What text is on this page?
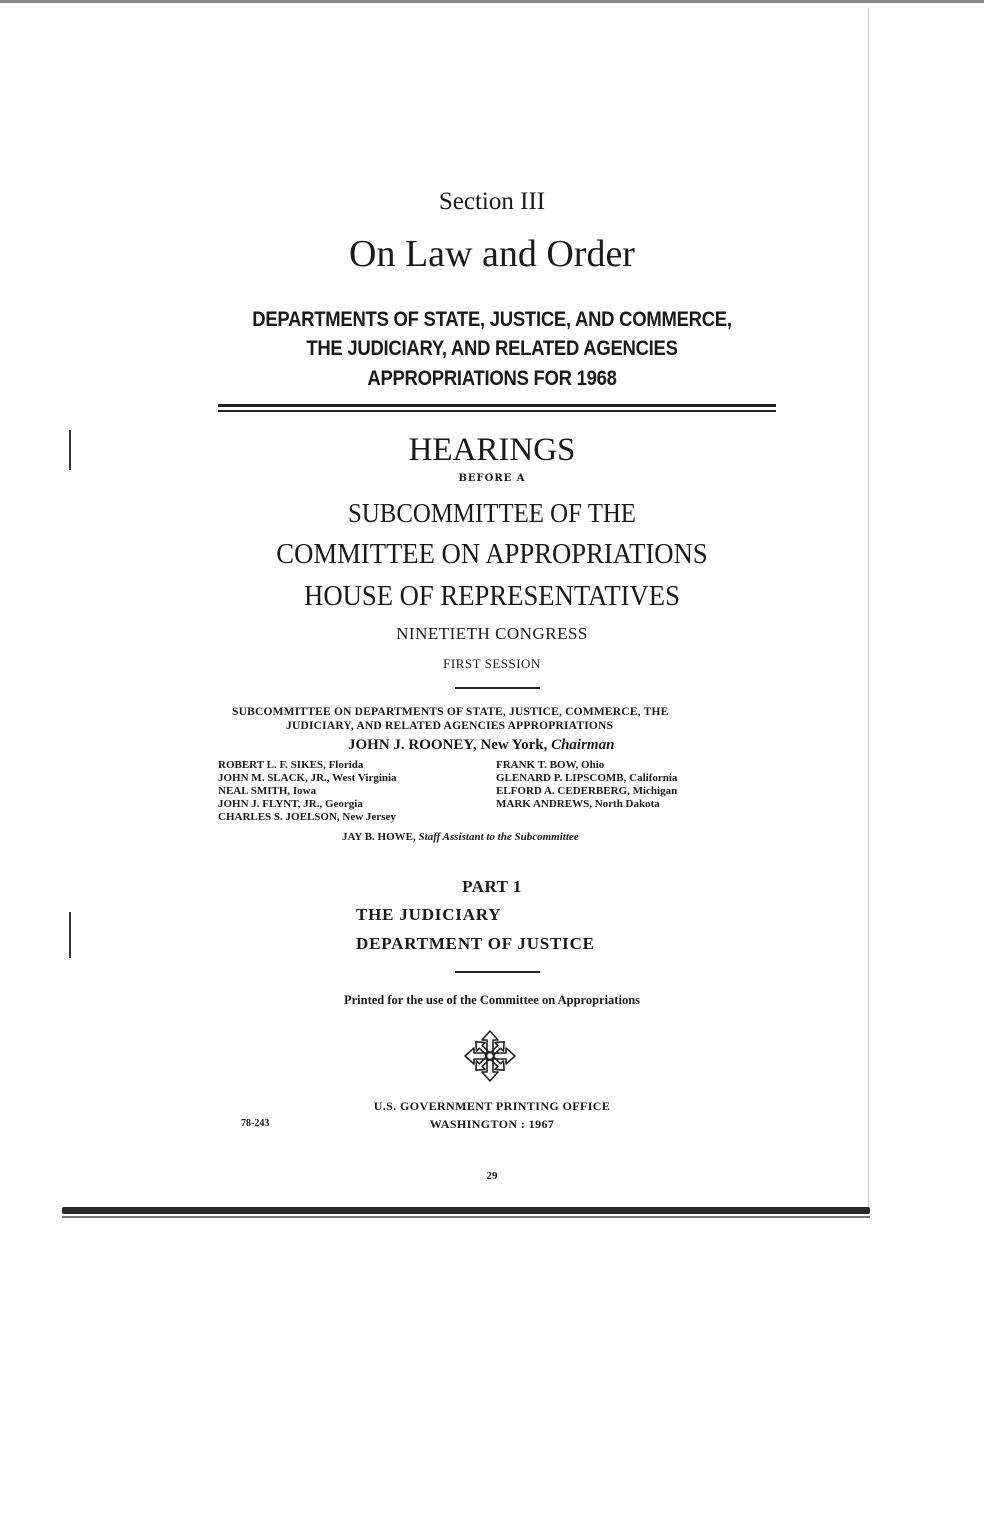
Section III
On Law and Order
DEPARTMENTS OF STATE, JUSTICE, AND COMMERCE,
THE JUDICIARY, AND RELATED AGENCIES
APPROPRIATIONS FOR 1968
HEARINGS
BEFORE A
SUBCOMMITTEE OF THE
COMMITTEE ON APPROPRIATIONS
HOUSE OF REPRESENTATIVES
NINETIETH CONGRESS
FIRST SESSION
SUBCOMMITTEE ON DEPARTMENTS OF STATE, JUSTICE, COMMERCE, THE
JUDICIARY, AND RELATED AGENCIES APPROPRIATIONS
JOHN J. ROONEY, New York, Chairman
ROBERT L. F. SIKES, Florida
JOHN M. SLACK, JR., West Virginia
NEAL SMITH, Iowa
JOHN J. FLYNT, JR., Georgia
CHARLES S. JOELSON, New Jersey
FRANK T. BOW, Ohio
GLENARD P. LIPSCOMB, California
ELFORD A. CEDERBERG, Michigan
MARK ANDREWS, North Dakota
JAY B. HOWE, Staff Assistant to the Subcommittee
PART 1
THE JUDICIARY
DEPARTMENT OF JUSTICE
Printed for the use of the Committee on Appropriations
U.S. GOVERNMENT PRINTING OFFICE
WASHINGTON : 1967
78-243
29
